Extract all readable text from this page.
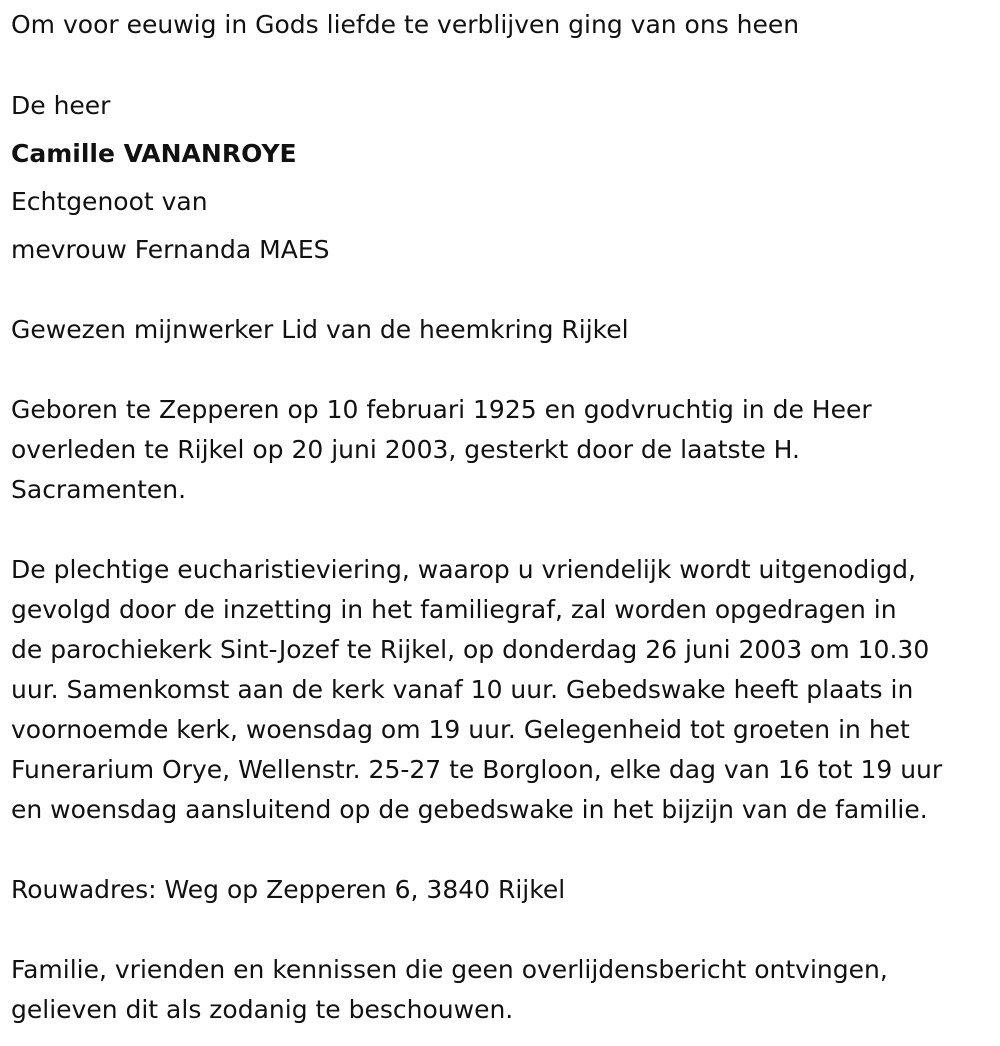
Om voor eeuwig in Gods liefde te verblijven ging van ons heen
De heer
Camille VANANROYE
Echtgenoot van
mevrouw Fernanda MAES
Gewezen mijnwerker Lid van de heemkring Rijkel
Geboren te Zepperen op 10 februari 1925 en godvruchtig in de Heer
overleden te Rijkel op 20 juni 2003, gesterkt door de laatste H.
Sacramenten.
De plechtige eucharistieviering, waarop u vriendelijk wordt uitgenodigd,
gevolgd door de inzetting in het familiegraf, zal worden opgedragen in
de parochiekerk Sint-Jozef te Rijkel, op donderdag 26 juni 2003 om 10.30
uur. Samenkomst aan de kerk vanaf 10 uur. Gebedswake heeft plaats in
voornoemde kerk, woensdag om 19 uur. Gelegenheid tot groeten in het
Funerarium Orye, Wellenstr. 25-27 te Borgloon, elke dag van 16 tot 19 uur
en woensdag aansluitend op de gebedswake in het bijzijn van de familie.
Rouwadres: Weg op Zepperen 6, 3840 Rijkel
Familie, vrienden en kennissen die geen overlijdensbericht ontvingen,
gelieven dit als zodanig te beschouwen.
